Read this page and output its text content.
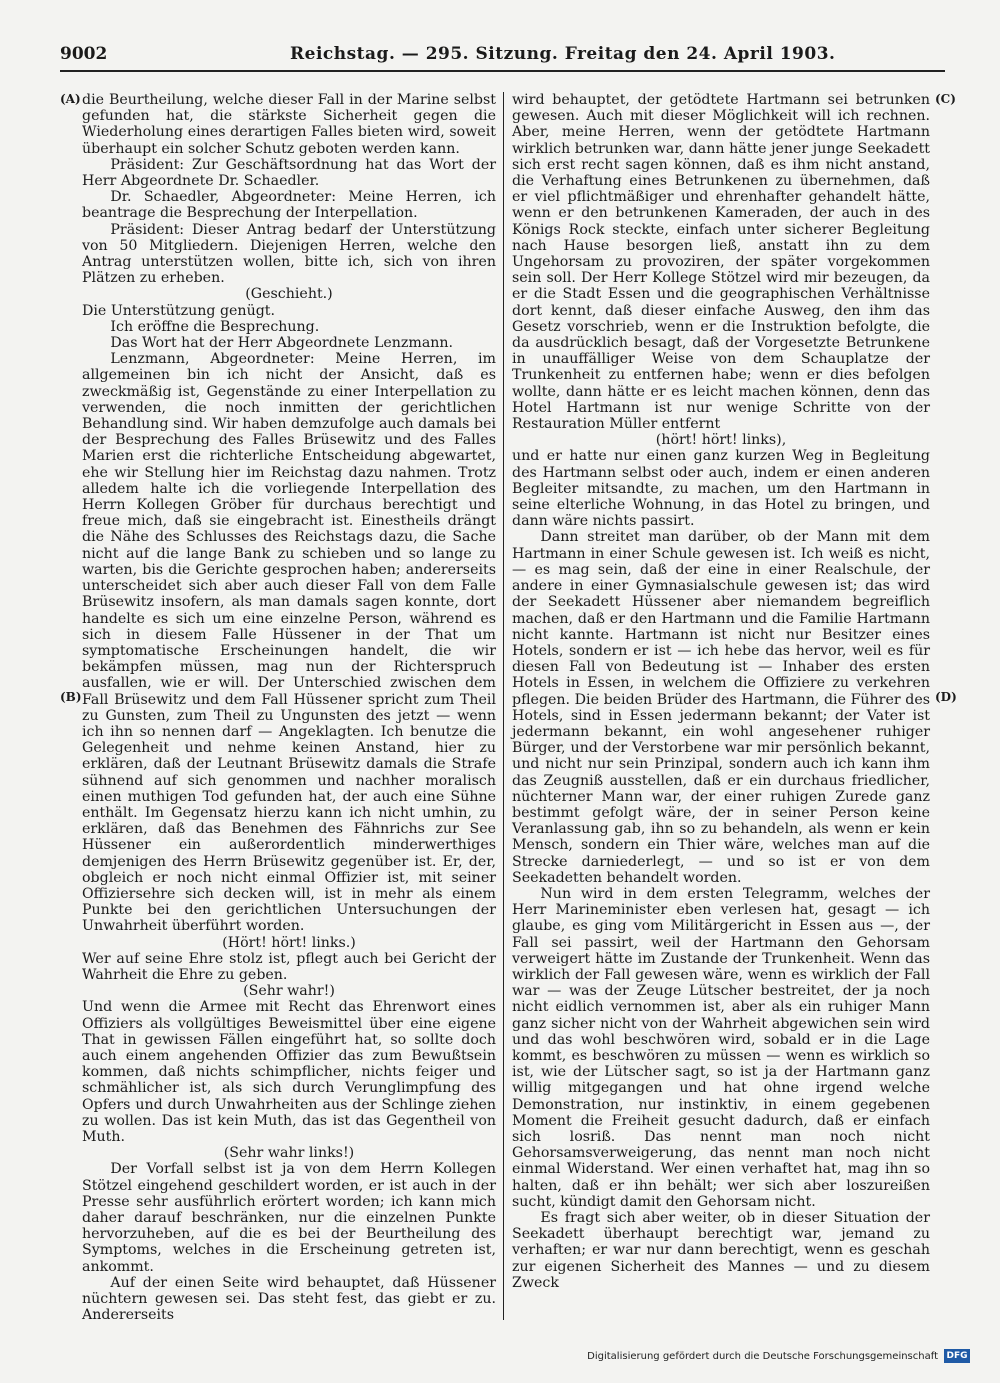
9002	Reichstag. — 295. Sitzung. Freitag den 24. April 1903.
(A)
(B)
(C)
(D)

die Beurtheilung, welche dieser Fall in der Marine selbst gefunden hat, die stärkste Sicherheit gegen die Wiederholung eines derartigen Falles bieten wird, soweit überhaupt ein solcher Schutz geboten werden kann.

Präsident: Zur Geschäftsordnung hat das Wort der Herr Abgeordnete Dr. Schaedler.

Dr. Schaedler, Abgeordneter: Meine Herren, ich beantrage die Besprechung der Interpellation.

Präsident: Dieser Antrag bedarf der Unterstützung von 50 Mitgliedern. Diejenigen Herren, welche den Antrag unterstützen wollen, bitte ich, sich von ihren Plätzen zu erheben.

(Geschieht.)

Die Unterstützung genügt.

Ich eröffne die Besprechung.

Das Wort hat der Herr Abgeordnete Lenzmann.

Lenzmann, Abgeordneter: Meine Herren, im allgemeinen bin ich nicht der Ansicht, daß es zweckmäßig ist, Gegenstände zu einer Interpellation zu verwenden, die noch inmitten der gerichtlichen Behandlung sind. Wir haben demzufolge auch damals bei der Besprechung des Falles Brüsewitz und des Falles Marien erst die richterliche Entscheidung abgewartet, ehe wir Stellung hier im Reichstag dazu nahmen. Trotz alledem halte ich die vorliegende Interpellation des Herrn Kollegen Gröber für durchaus berechtigt und freue mich, daß sie eingebracht ist. Einestheils drängt die Nähe des Schlusses des Reichstags dazu, die Sache nicht auf die lange Bank zu schieben und so lange zu warten, bis die Gerichte gesprochen haben; andererseits unterscheidet sich aber auch dieser Fall von dem Falle Brüsewitz insofern, als man damals sagen konnte, dort handelte es sich um eine einzelne Person, während es sich in diesem Falle Hüssener in der That um symptomatische Erscheinungen handelt, die wir bekämpfen müssen, mag nun der Richterspruch ausfallen, wie er will. Der Unterschied zwischen dem Fall Brüsewitz und dem Fall Hüssener spricht zum Theil zu Gunsten, zum Theil zu Ungunsten des jetzt — wenn ich ihn so nennen darf — Angeklagten. Ich benutze die Gelegenheit und nehme keinen Anstand, hier zu erklären, daß der Leutnant Brüsewitz damals die Strafe sühnend auf sich genommen und nachher moralisch einen muthigen Tod gefunden hat, der auch eine Sühne enthält. Im Gegensatz hierzu kann ich nicht umhin, zu erklären, daß das Benehmen des Fähnrichs zur See Hüssener ein außerordentlich minderwerthiges demjenigen des Herrn Brüsewitz gegenüber ist. Er, der, obgleich er noch nicht einmal Offizier ist, mit seiner Offiziersehre sich decken will, ist in mehr als einem Punkte bei den gerichtlichen Untersuchungen der Unwahrheit überführt worden.

(Hört! hört! links.)

Wer auf seine Ehre stolz ist, pflegt auch bei Gericht der Wahrheit die Ehre zu geben.

(Sehr wahr!)

Und wenn die Armee mit Recht das Ehrenwort eines Offiziers als vollgültiges Beweismittel über eine eigene That in gewissen Fällen eingeführt hat, so sollte doch auch einem angehenden Offizier das zum Bewußtsein kommen, daß nichts schimpflicher, nichts feiger und schmählicher ist, als sich durch Verunglimpfung des Opfers und durch Unwahrheiten aus der Schlinge ziehen zu wollen. Das ist kein Muth, das ist das Gegentheil von Muth.

(Sehr wahr links!)

Der Vorfall selbst ist ja von dem Herrn Kollegen Stötzel eingehend geschildert worden, er ist auch in der Presse sehr ausführlich erörtert worden; ich kann mich daher darauf beschränken, nur die einzelnen Punkte hervorzuheben, auf die es bei der Beurtheilung des Symptoms, welches in die Erscheinung getreten ist, ankommt.

Auf der einen Seite wird behauptet, daß Hüssener nüchtern gewesen sei. Das steht fest, das giebt er zu. Andererseits

wird behauptet, der getödtete Hartmann sei betrunken gewesen. Auch mit dieser Möglichkeit will ich rechnen. Aber, meine Herren, wenn der getödtete Hartmann wirklich betrunken war, dann hätte jener junge Seekadett sich erst recht sagen können, daß es ihm nicht anstand, die Verhaftung eines Betrunkenen zu übernehmen, daß er viel pflichtmäßiger und ehrenhafter gehandelt hätte, wenn er den betrunkenen Kameraden, der auch in des Königs Rock steckte, einfach unter sicherer Begleitung nach Hause besorgen ließ, anstatt ihn zu dem Ungehorsam zu provoziren, der später vorgekommen sein soll. Der Herr Kollege Stötzel wird mir bezeugen, da er die Stadt Essen und die geographischen Verhältnisse dort kennt, daß dieser einfache Ausweg, den ihm das Gesetz vorschrieb, wenn er die Instruktion befolgte, die da ausdrücklich besagt, daß der Vorgesetzte Betrunkene in unauffälliger Weise von dem Schauplatze der Trunkenheit zu entfernen habe; wenn er dies befolgen wollte, dann hätte er es leicht machen können, denn das Hotel Hartmann ist nur wenige Schritte von der Restauration Müller entfernt

(hört! hört! links),

und er hatte nur einen ganz kurzen Weg in Begleitung des Hartmann selbst oder auch, indem er einen anderen Begleiter mitsandte, zu machen, um den Hartmann in seine elterliche Wohnung, in das Hotel zu bringen, und dann wäre nichts passirt.

Dann streitet man darüber, ob der Mann mit dem Hartmann in einer Schule gewesen ist. Ich weiß es nicht, — es mag sein, daß der eine in einer Realschule, der andere in einer Gymnasialschule gewesen ist; das wird der Seekadett Hüssener aber niemandem begreiflich machen, daß er den Hartmann und die Familie Hartmann nicht kannte. Hartmann ist nicht nur Besitzer eines Hotels, sondern er ist — ich hebe das hervor, weil es für diesen Fall von Bedeutung ist — Inhaber des ersten Hotels in Essen, in welchem die Offiziere zu verkehren pflegen. Die beiden Brüder des Hartmann, die Führer des Hotels, sind in Essen jedermann bekannt; der Vater ist jedermann bekannt, ein wohl angesehener ruhiger Bürger, und der Verstorbene war mir persönlich bekannt, und nicht nur sein Prinzipal, sondern auch ich kann ihm das Zeugniß ausstellen, daß er ein durchaus friedlicher, nüchterner Mann war, der einer ruhigen Zurede ganz bestimmt gefolgt wäre, der in seiner Person keine Veranlassung gab, ihn so zu behandeln, als wenn er kein Mensch, sondern ein Thier wäre, welches man auf die Strecke darniederlegt, — und so ist er von dem Seekadetten behandelt worden.

Nun wird in dem ersten Telegramm, welches der Herr Marineminister eben verlesen hat, gesagt — ich glaube, es ging vom Militärgericht in Essen aus —, der Fall sei passirt, weil der Hartmann den Gehorsam verweigert hätte im Zustande der Trunkenheit. Wenn das wirklich der Fall gewesen wäre, wenn es wirklich der Fall war — was der Zeuge Lütscher bestreitet, der ja noch nicht eidlich vernommen ist, aber als ein ruhiger Mann ganz sicher nicht von der Wahrheit abgewichen sein wird und das wohl beschwören wird, sobald er in die Lage kommt, es beschwören zu müssen — wenn es wirklich so ist, wie der Lütscher sagt, so ist ja der Hartmann ganz willig mitgegangen und hat ohne irgend welche Demonstration, nur instinktiv, in einem gegebenen Moment die Freiheit gesucht dadurch, daß er einfach sich losriß. Das nennt man noch nicht Gehorsamsverweigerung, das nennt man noch nicht einmal Widerstand. Wer einen verhaftet hat, mag ihn so halten, daß er ihn behält; wer sich aber loszureißen sucht, kündigt damit den Gehorsam nicht.

Es fragt sich aber weiter, ob in dieser Situation der Seekadett überhaupt berechtigt war, jemand zu verhaften; er war nur dann berechtigt, wenn es geschah zur eigenen Sicherheit des Mannes — und zu diesem Zweck

Digitalisierung gefördert durch die Deutsche Forschungsgemeinschaft DFG
